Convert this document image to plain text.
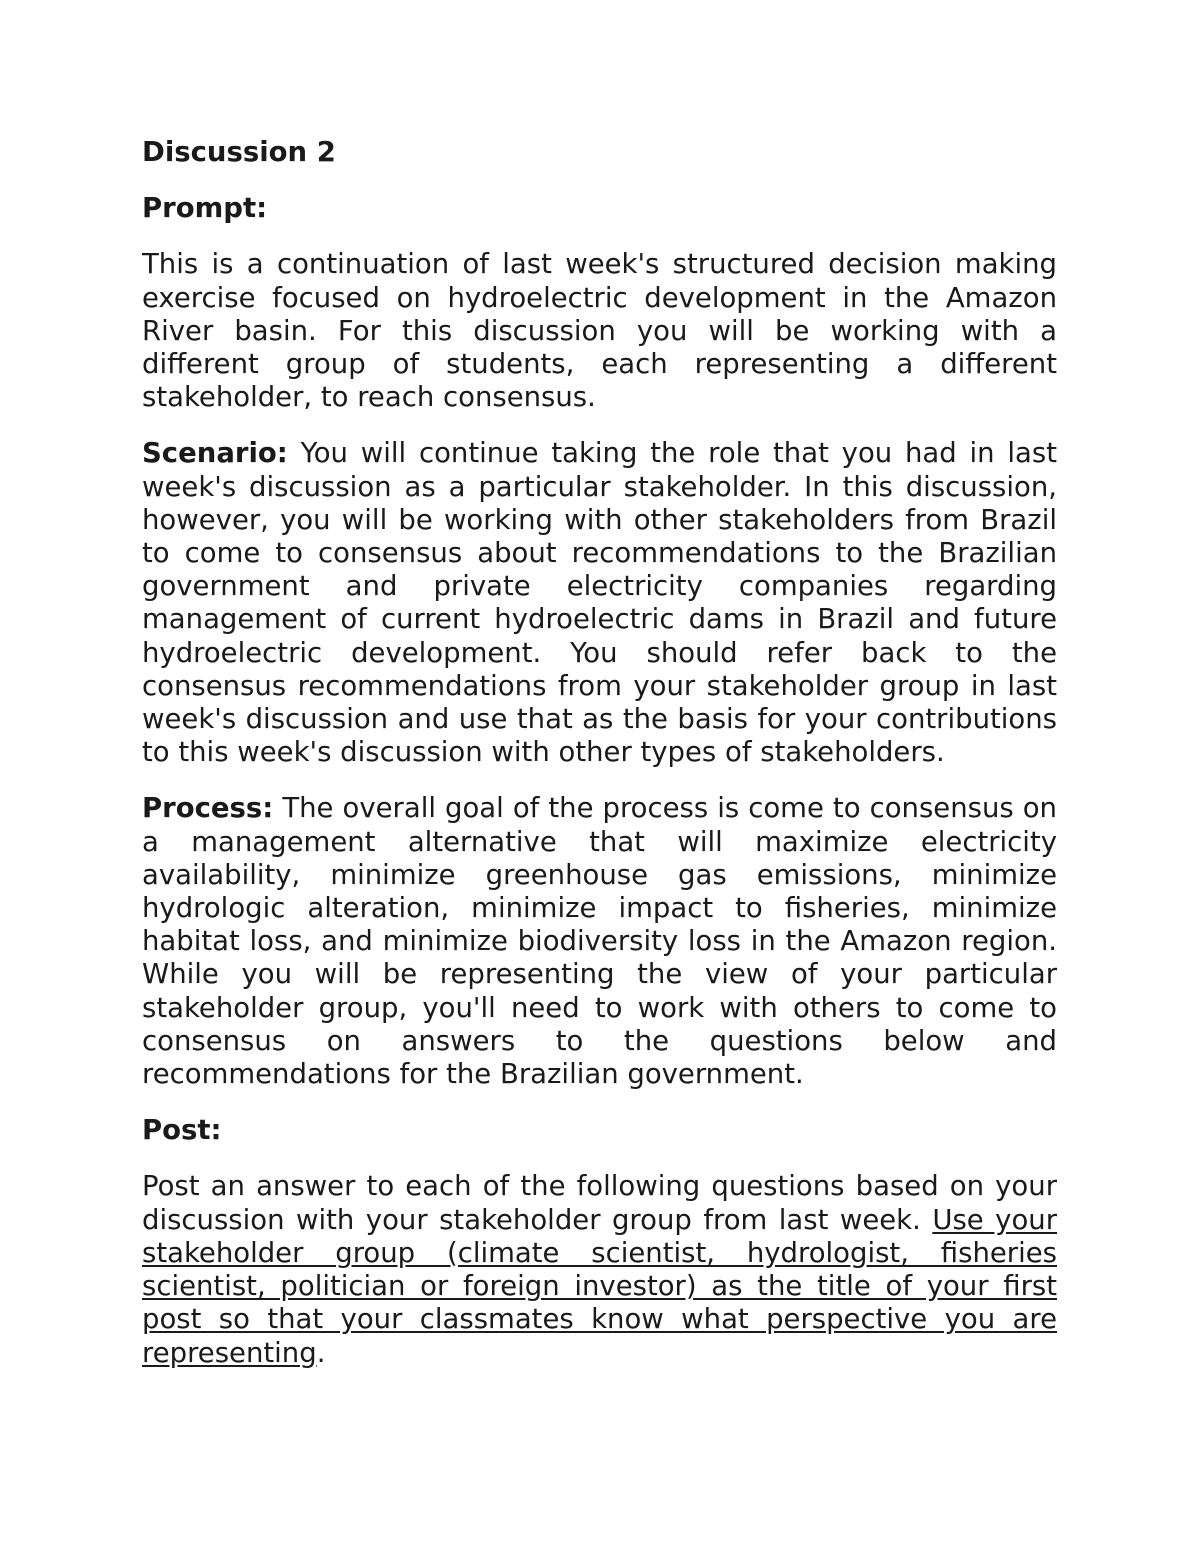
Discussion 2
Prompt:

This is a continuation of last week's structured decision making exercise focused on hydroelectric development in the Amazon River basin. For this discussion you will be working with a different group of students, each representing a different stakeholder, to reach consensus.

Scenario: You will continue taking the role that you had in last week's discussion as a particular stakeholder. In this discussion, however, you will be working with other stakeholders from Brazil to come to consensus about recommendations to the Brazilian government and private electricity companies regarding management of current hydroelectric dams in Brazil and future hydroelectric development. You should refer back to the consensus recommendations from your stakeholder group in last week's discussion and use that as the basis for your contributions to this week's discussion with other types of stakeholders.

Process: The overall goal of the process is come to consensus on a management alternative that will maximize electricity availability, minimize greenhouse gas emissions, minimize hydrologic alteration, minimize impact to fisheries, minimize habitat loss, and minimize biodiversity loss in the Amazon region. While you will be representing the view of your particular stakeholder group, you'll need to work with others to come to consensus on answers to the questions below and recommendations for the Brazilian government.

Post:

Post an answer to each of the following questions based on your discussion with your stakeholder group from last week. Use your stakeholder group (climate scientist, hydrologist, fisheries scientist, politician or foreign investor) as the title of your first post so that your classmates know what perspective you are representing.
